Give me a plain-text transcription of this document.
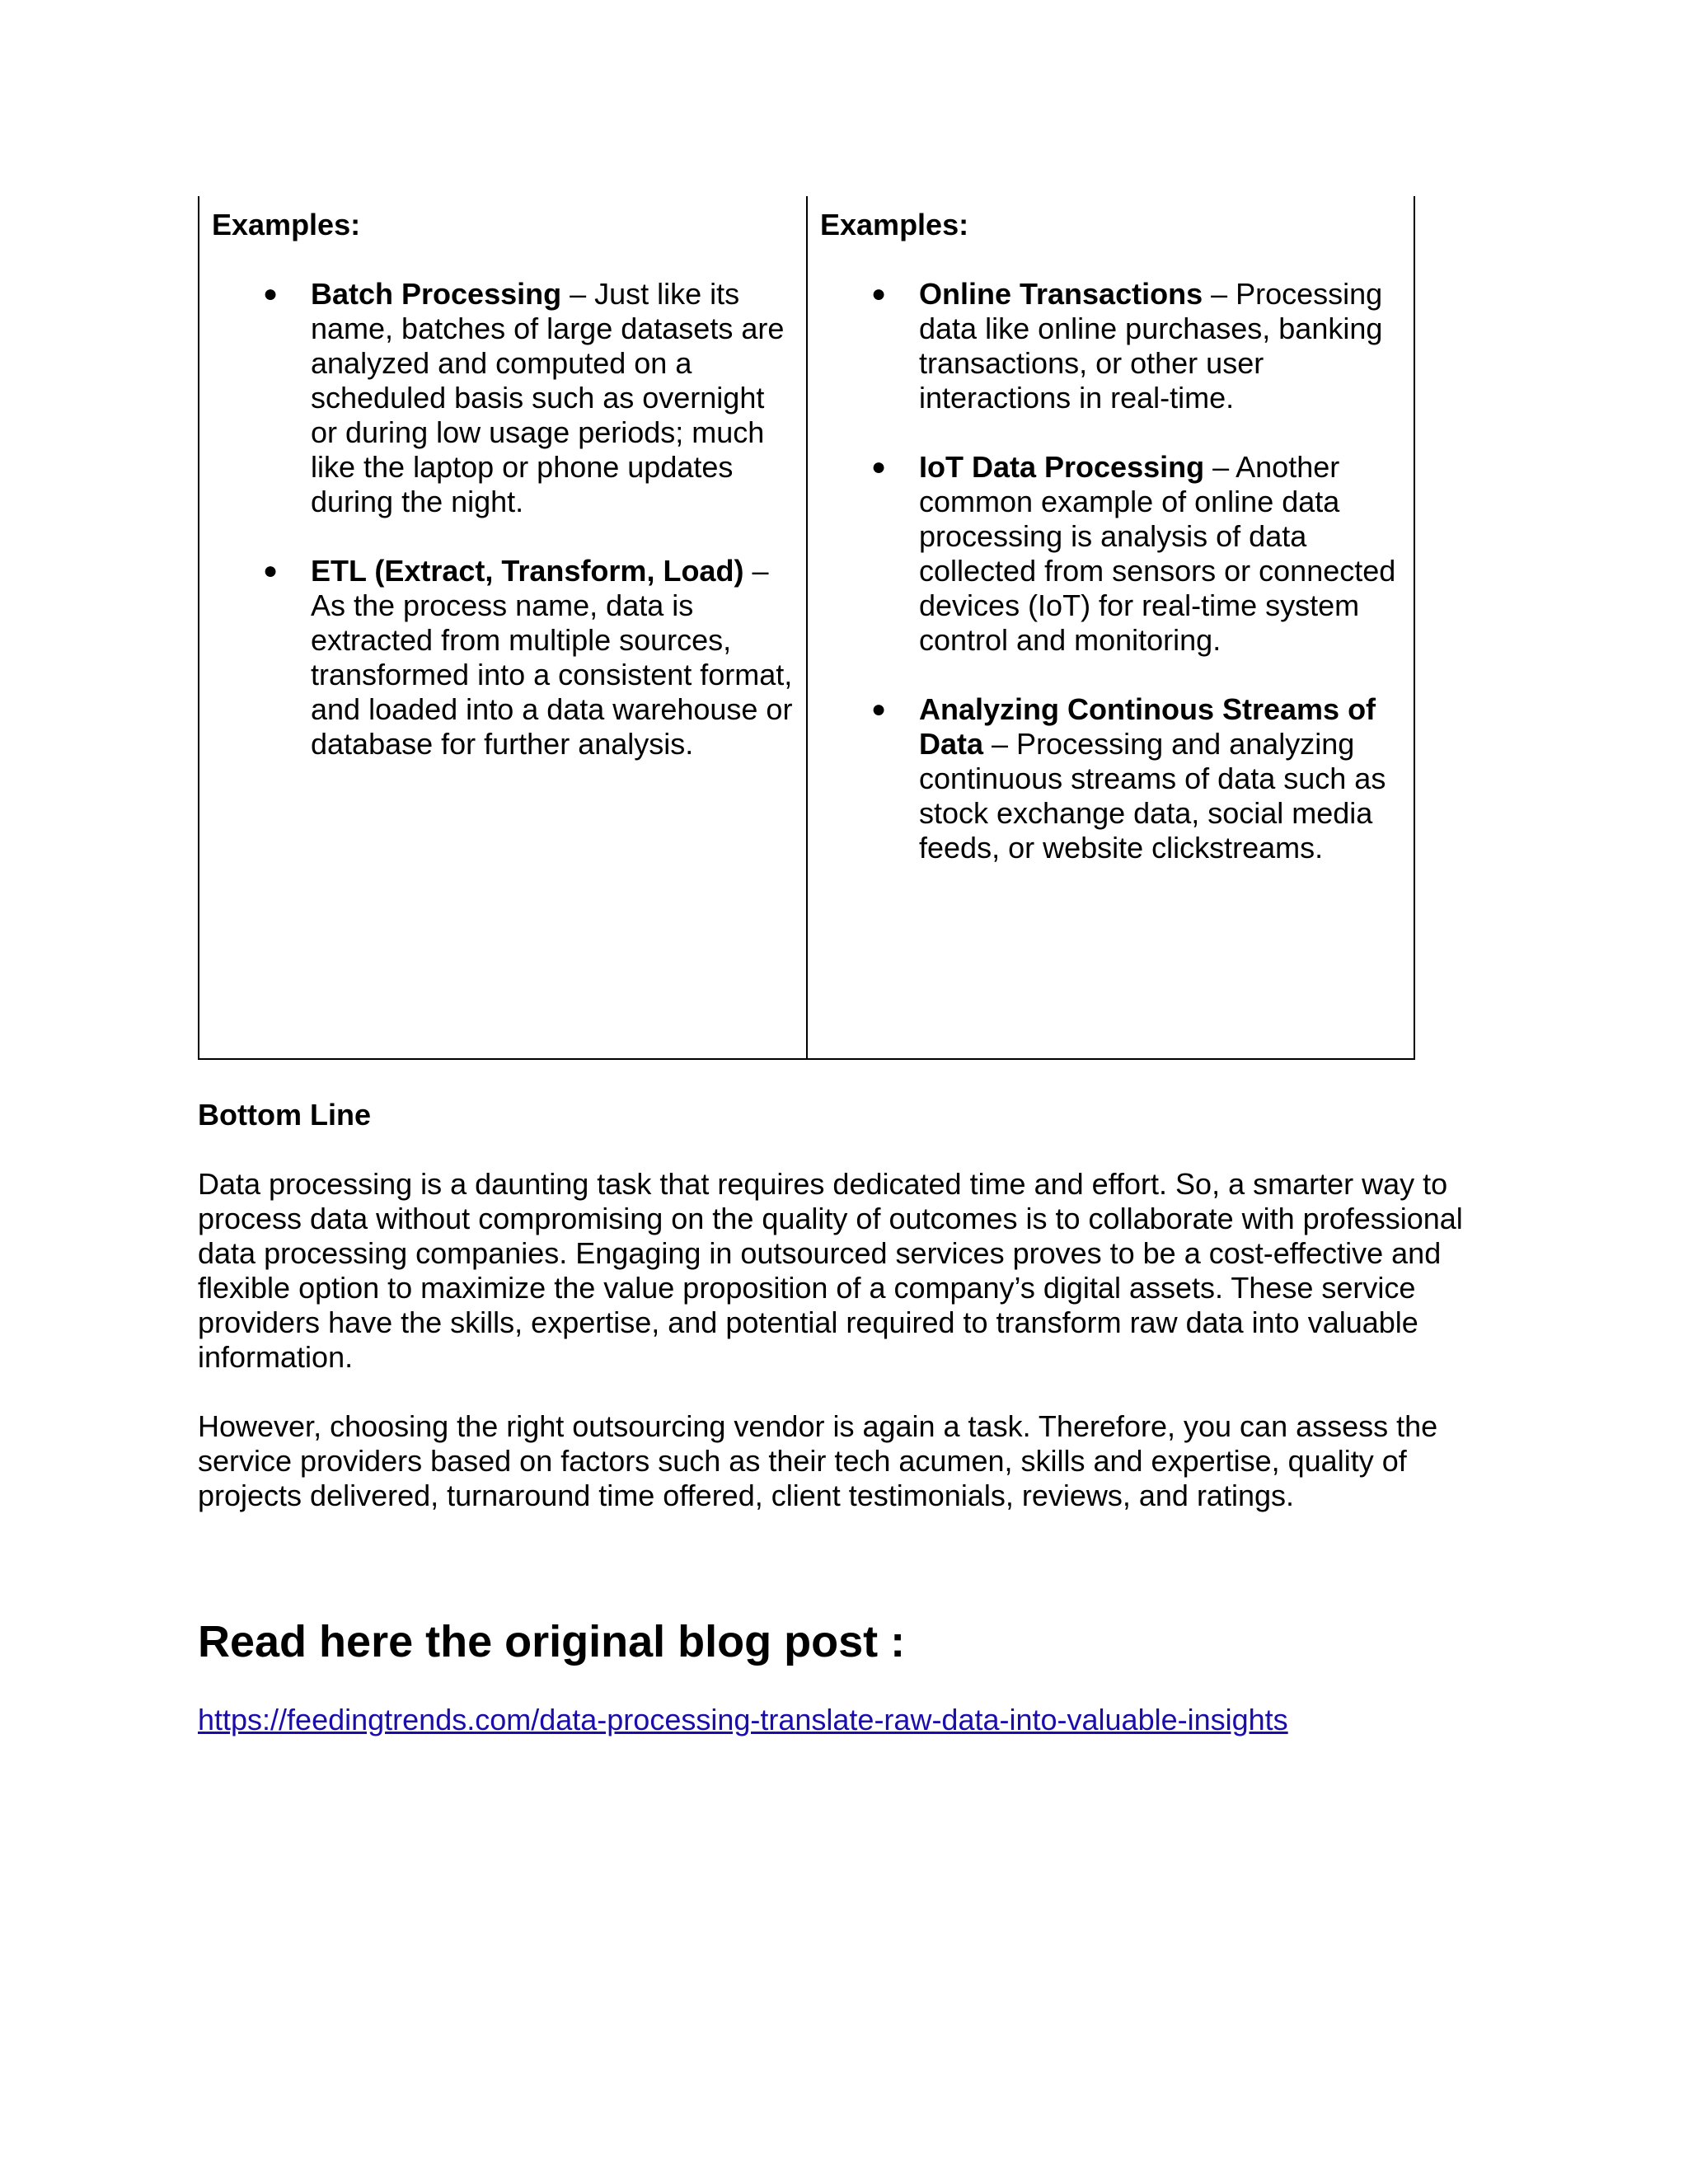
Examples:

● Batch Processing – Just like its name, batches of large datasets are analyzed and computed on a scheduled basis such as overnight or during low usage periods; much like the laptop or phone updates during the night.
● ETL (Extract, Transform, Load) – As the process name, data is extracted from multiple sources, transformed into a consistent format, and loaded into a data warehouse or database for further analysis.

Examples:

● Online Transactions – Processing data like online purchases, banking transactions, or other user interactions in real-time.
● IoT Data Processing – Another common example of online data processing is analysis of data collected from sensors or connected devices (IoT) for real-time system control and monitoring.
● Analyzing Continous Streams of Data – Processing and analyzing continuous streams of data such as stock exchange data, social media feeds, or website clickstreams.
Bottom Line

Data processing is a daunting task that requires dedicated time and effort. So, a smarter way to process data without compromising on the quality of outcomes is to collaborate with professional data processing companies. Engaging in outsourced services proves to be a cost-effective and flexible option to maximize the value proposition of a company’s digital assets. These service providers have the skills, expertise, and potential required to transform raw data into valuable information.

However, choosing the right outsourcing vendor is again a task. Therefore, you can assess the service providers based on factors such as their tech acumen, skills and expertise, quality of projects delivered, turnaround time offered, client testimonials, reviews, and ratings.

Read here the original blog post :
https://feedingtrends.com/data-processing-translate-raw-data-into-valuable-insights
